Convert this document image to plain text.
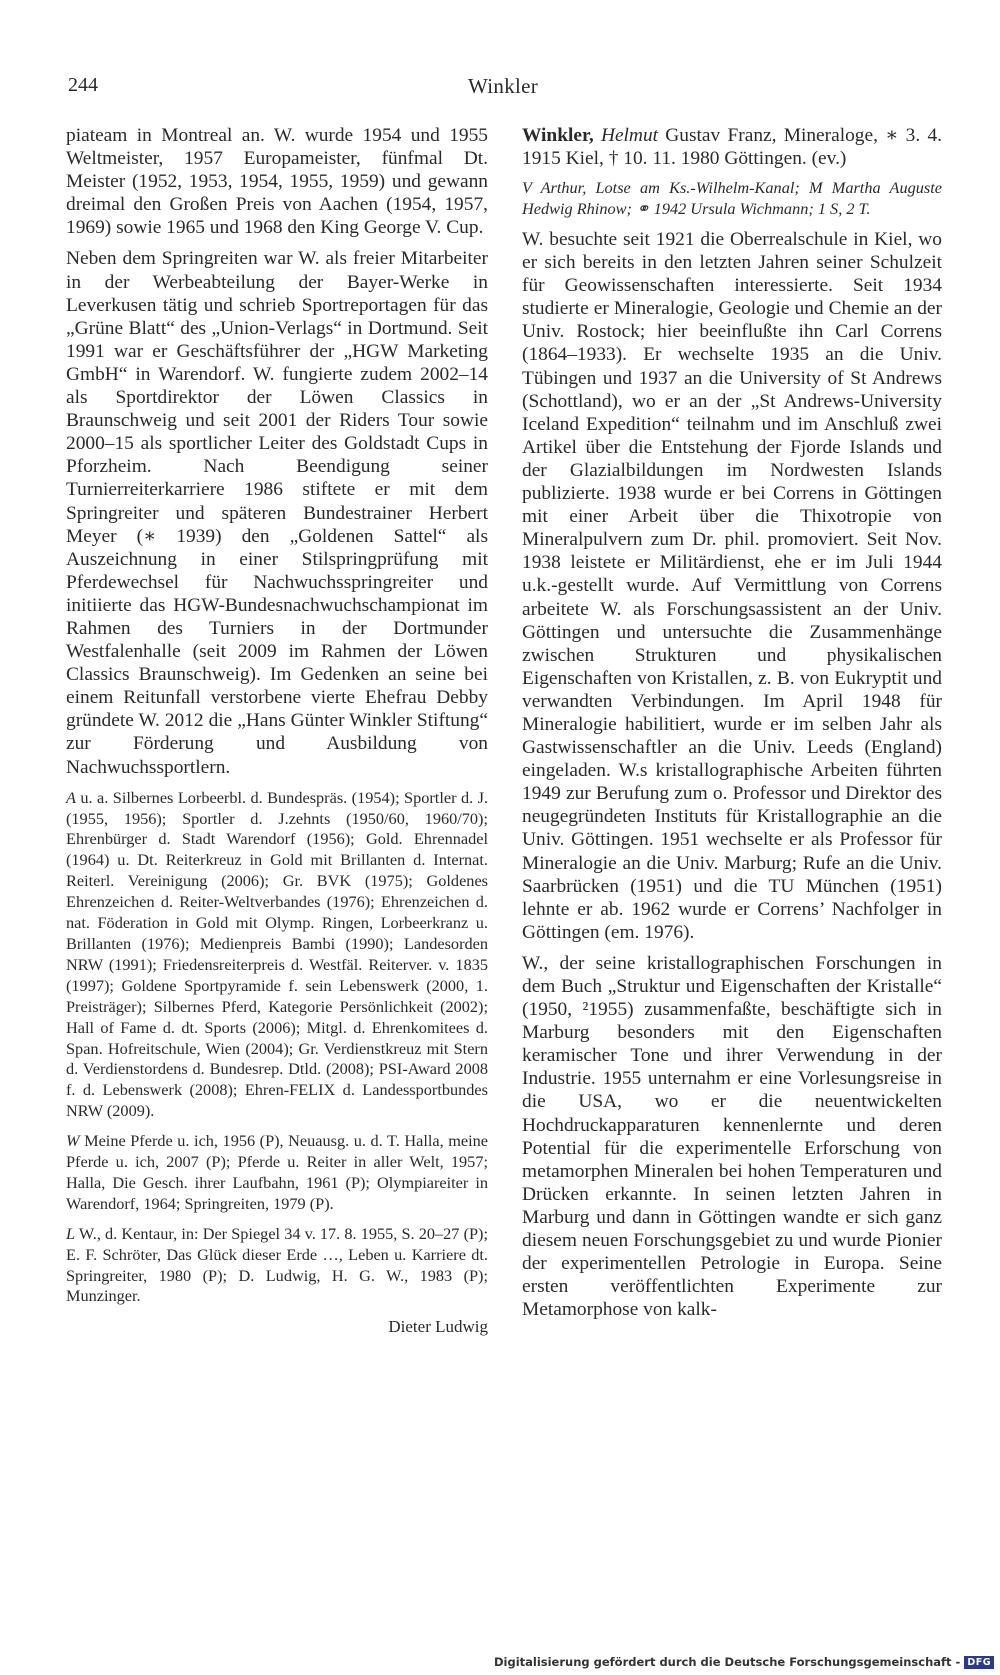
244	Winkler

piateam in Montreal an. W. wurde 1954 und 1955 Weltmeister, 1957 Europameister, fünfmal Dt. Meister (1952, 1953, 1954, 1955, 1959) und gewann dreimal den Großen Preis von Aachen (1954, 1957, 1969) sowie 1965 und 1968 den King George V. Cup.

Neben dem Springreiten war W. als freier Mitarbeiter in der Werbeabteilung der Bayer-Werke in Leverkusen tätig und schrieb Sportreportagen für das „Grüne Blatt“ des „Union-Verlags“ in Dortmund. Seit 1991 war er Geschäftsführer der „HGW Marketing GmbH“ in Warendorf. W. fungierte zudem 2002–14 als Sportdirektor der Löwen Classics in Braunschweig und seit 2001 der Riders Tour sowie 2000–15 als sportlicher Leiter des Goldstadt Cups in Pforzheim. Nach Beendigung seiner Turnierreiterkarriere 1986 stiftete er mit dem Springreiter und späteren Bundestrainer Herbert Meyer (∗ 1939) den „Goldenen Sattel“ als Auszeichnung in einer Stilspringprüfung mit Pferdewechsel für Nachwuchsspringreiter und initiierte das HGW-Bundesnachwuchschampionat im Rahmen des Turniers in der Dortmunder Westfalenhalle (seit 2009 im Rahmen der Löwen Classics Braunschweig). Im Gedenken an seine bei einem Reitunfall verstorbene vierte Ehefrau Debby gründete W. 2012 die „Hans Günter Winkler Stiftung“ zur Förderung und Ausbildung von Nachwuchssportlern.

A u. a. Silbernes Lorbeerbl. d. Bundespräs. (1954); Sportler d. J. (1955, 1956); Sportler d. J.zehnts (1950/60, 1960/70); Ehrenbürger d. Stadt Warendorf (1956); Gold. Ehrennadel (1964) u. Dt. Reiterkreuz in Gold mit Brillanten d. Internat. Reiterl. Vereinigung (2006); Gr. BVK (1975); Goldenes Ehrenzeichen d. Reiter-Weltverbandes (1976); Ehrenzeichen d. nat. Föderation in Gold mit Olymp. Ringen, Lorbeerkranz u. Brillanten (1976); Medienpreis Bambi (1990); Landesorden NRW (1991); Friedensreiterpreis d. Westfäl. Reiterver. v. 1835 (1997); Goldene Sportpyramide f. sein Lebenswerk (2000, 1. Preisträger); Silbernes Pferd, Kategorie Persönlichkeit (2002); Hall of Fame d. dt. Sports (2006); Mitgl. d. Ehrenkomitees d. Span. Hofreitschule, Wien (2004); Gr. Verdienstkreuz mit Stern d. Verdienstordens d. Bundesrep. Dtld. (2008); PSI-Award 2008 f. d. Lebenswerk (2008); Ehren-FELIX d. Landessportbundes NRW (2009).

W Meine Pferde u. ich, 1956 (P), Neuausg. u. d. T. Halla, meine Pferde u. ich, 2007 (P); Pferde u. Reiter in aller Welt, 1957; Halla, Die Gesch. ihrer Laufbahn, 1961 (P); Olympiareiter in Warendorf, 1964; Springreiten, 1979 (P).

L W., d. Kentaur, in: Der Spiegel 34 v. 17. 8. 1955, S. 20–27 (P); E. F. Schröter, Das Glück dieser Erde …, Leben u. Karriere dt. Springreiter, 1980 (P); D. Ludwig, H. G. W., 1983 (P); Munzinger.

Dieter Ludwig

Winkler, Helmut Gustav Franz, Mineraloge, ∗ 3. 4. 1915 Kiel, † 10. 11. 1980 Göttingen. (ev.)

V Arthur, Lotse am Ks.-Wilhelm-Kanal; M Martha Auguste Hedwig Rhinow; ⚭ 1942 Ursula Wichmann; 1 S, 2 T.

W. besuchte seit 1921 die Oberrealschule in Kiel, wo er sich bereits in den letzten Jahren seiner Schulzeit für Geowissenschaften interessierte. Seit 1934 studierte er Mineralogie, Geologie und Chemie an der Univ. Rostock; hier beeinflußte ihn Carl Correns (1864–1933). Er wechselte 1935 an die Univ. Tübingen und 1937 an die University of St Andrews (Schottland), wo er an der „St Andrews-University Iceland Expedition“ teilnahm und im Anschluß zwei Artikel über die Entstehung der Fjorde Islands und der Glazialbildungen im Nordwesten Islands publizierte. 1938 wurde er bei Correns in Göttingen mit einer Arbeit über die Thixotropie von Mineralpulvern zum Dr. phil. promoviert. Seit Nov. 1938 leistete er Militärdienst, ehe er im Juli 1944 u.k.-gestellt wurde. Auf Vermittlung von Correns arbeitete W. als Forschungsassistent an der Univ. Göttingen und untersuchte die Zusammenhänge zwischen Strukturen und physikalischen Eigenschaften von Kristallen, z. B. von Eukryptit und verwandten Verbindungen. Im April 1948 für Mineralogie habilitiert, wurde er im selben Jahr als Gastwissenschaftler an die Univ. Leeds (England) eingeladen. W.s kristallographische Arbeiten führten 1949 zur Berufung zum o. Professor und Direktor des neugegründeten Instituts für Kristallographie an die Univ. Göttingen. 1951 wechselte er als Professor für Mineralogie an die Univ. Marburg; Rufe an die Univ. Saarbrücken (1951) und die TU München (1951) lehnte er ab. 1962 wurde er Correns’ Nachfolger in Göttingen (em. 1976).

W., der seine kristallographischen Forschungen in dem Buch „Struktur und Eigenschaften der Kristalle“ (1950, ²1955) zusammenfaßte, beschäftigte sich in Marburg besonders mit den Eigenschaften keramischer Tone und ihrer Verwendung in der Industrie. 1955 unternahm er eine Vorlesungsreise in die USA, wo er die neuentwickelten Hochdruckapparaturen kennenlernte und deren Potential für die experimentelle Erforschung von metamorphen Mineralen bei hohen Temperaturen und Drücken erkannte. In seinen letzten Jahren in Marburg und dann in Göttingen wandte er sich ganz diesem neuen Forschungsgebiet zu und wurde Pionier der experimentellen Petrologie in Europa. Seine ersten veröffentlichten Experimente zur Metamorphose von kalk-

Digitalisierung gefördert durch die Deutsche Forschungsgemeinschaft - DFG
